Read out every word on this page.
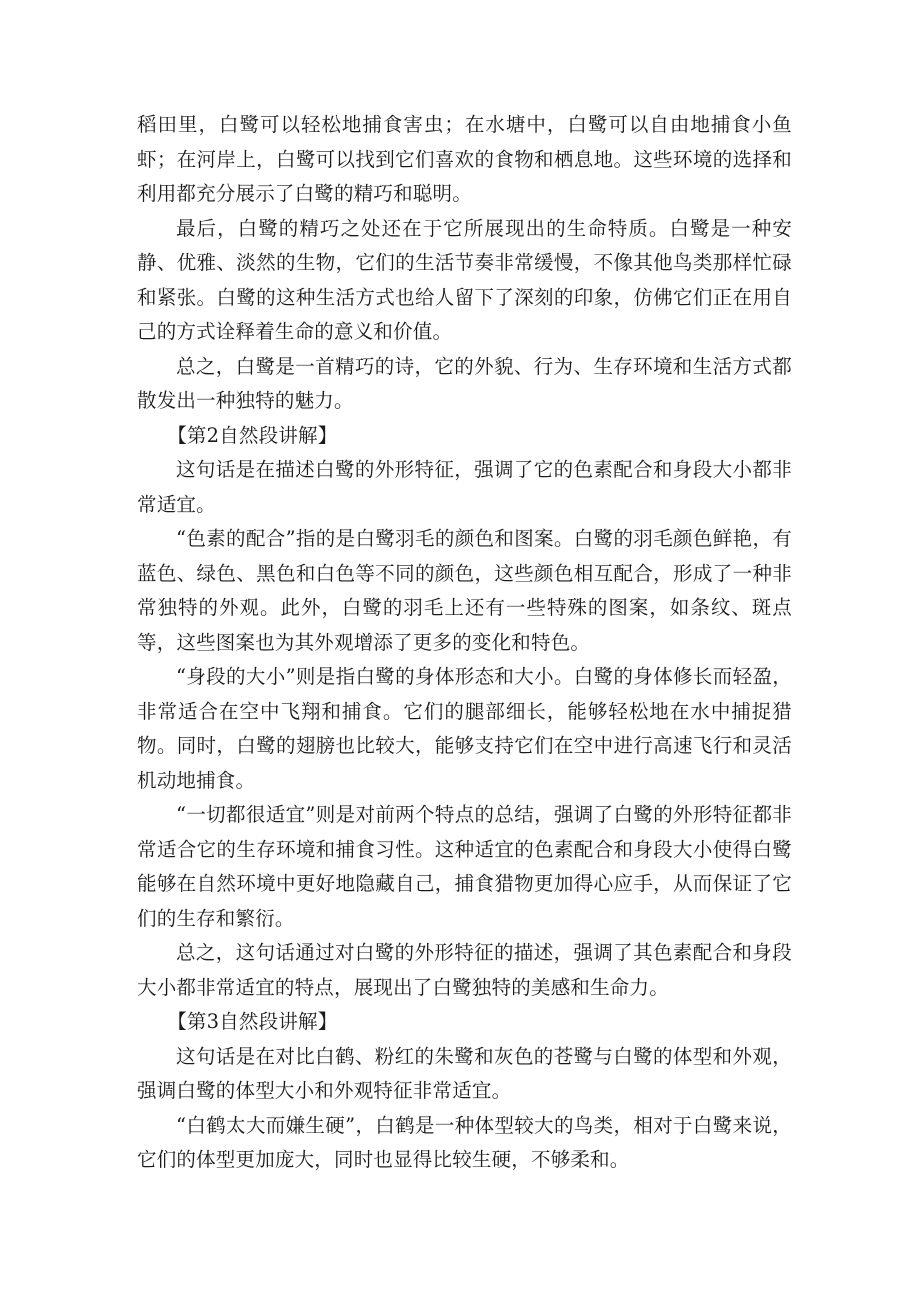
稻田里，白鹭可以轻松地捕食害虫；在水塘中，白鹭可以自由地捕食小鱼虾；在河岸上，白鹭可以找到它们喜欢的食物和栖息地。这些环境的选择和利用都充分展示了白鹭的精巧和聪明。

最后，白鹭的精巧之处还在于它所展现出的生命特质。白鹭是一种安静、优雅、淡然的生物，它们的生活节奏非常缓慢，不像其他鸟类那样忙碌和紧张。白鹭的这种生活方式也给人留下了深刻的印象，仿佛它们正在用自己的方式诠释着生命的意义和价值。

总之，白鹭是一首精巧的诗，它的外貌、行为、生存环境和生活方式都散发出一种独特的魅力。

【第2自然段讲解】

这句话是在描述白鹭的外形特征，强调了它的色素配合和身段大小都非常适宜。

“色素的配合”指的是白鹭羽毛的颜色和图案。白鹭的羽毛颜色鲜艳，有蓝色、绿色、黑色和白色等不同的颜色，这些颜色相互配合，形成了一种非常独特的外观。此外，白鹭的羽毛上还有一些特殊的图案，如条纹、斑点等，这些图案也为其外观增添了更多的变化和特色。

“身段的大小”则是指白鹭的身体形态和大小。白鹭的身体修长而轻盈，非常适合在空中飞翔和捕食。它们的腿部细长，能够轻松地在水中捕捉猎物。同时，白鹭的翅膀也比较大，能够支持它们在空中进行高速飞行和灵活机动地捕食。

“一切都很适宜”则是对前两个特点的总结，强调了白鹭的外形特征都非常适合它的生存环境和捕食习性。这种适宜的色素配合和身段大小使得白鹭能够在自然环境中更好地隐藏自己，捕食猎物更加得心应手，从而保证了它们的生存和繁衍。

总之，这句话通过对白鹭的外形特征的描述，强调了其色素配合和身段大小都非常适宜的特点，展现出了白鹭独特的美感和生命力。

【第3自然段讲解】

这句话是在对比白鹤、粉红的朱鹭和灰色的苍鹭与白鹭的体型和外观，强调白鹭的体型大小和外观特征非常适宜。

“白鹤太大而嫌生硬”，白鹤是一种体型较大的鸟类，相对于白鹭来说，它们的体型更加庞大，同时也显得比较生硬，不够柔和。
